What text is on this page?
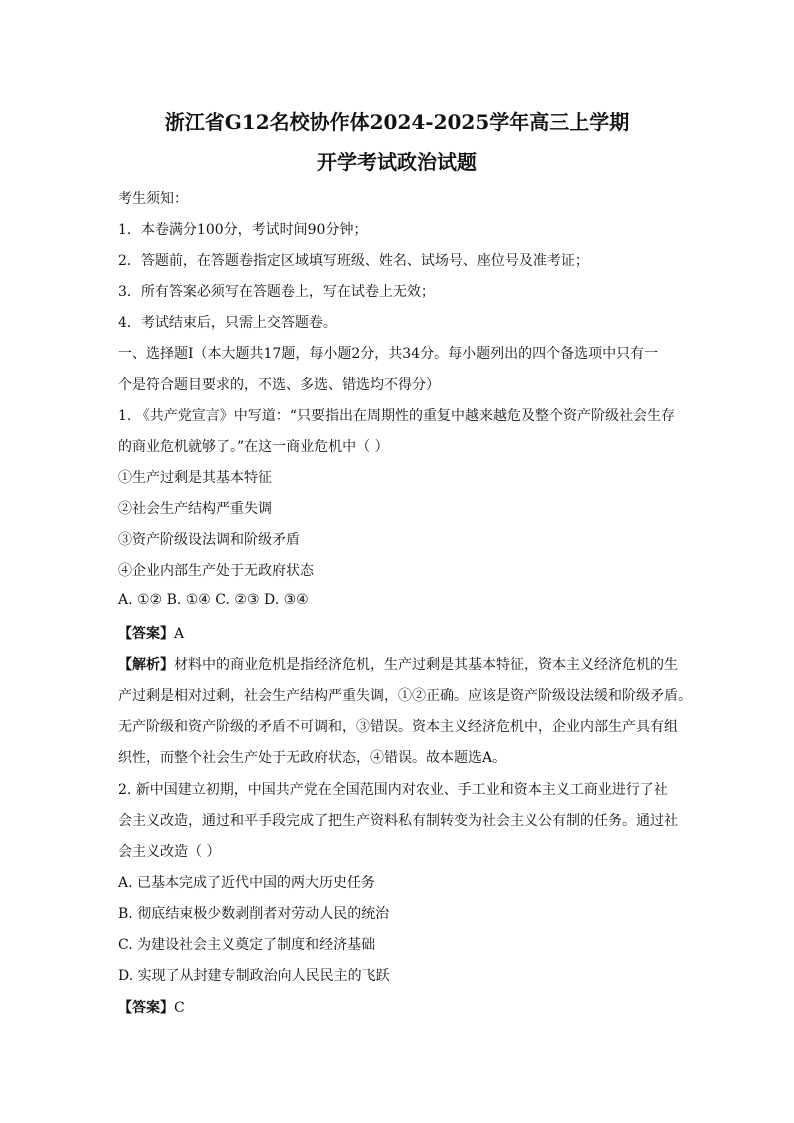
浙江省G12名校协作体2024-2025学年高三上学期
开学考试政治试题
考生须知：
1．本卷满分100分，考试时间90分钟；
2．答题前，在答题卷指定区域填写班级、姓名、试场号、座位号及准考证；
3．所有答案必须写在答题卷上，写在试卷上无效；
4．考试结束后，只需上交答题卷。
一、选择题Ⅰ（本大题共17题，每小题2分，共34分。每小题列出的四个备选项中只有一
个是符合题目要求的，不选、多选、错选均不得分）
1. 《共产党宣言》中写道：“只要指出在周期性的重复中越来越危及整个资产阶级社会生存
的商业危机就够了。”在这一商业危机中（ ）
①生产过剩是其基本特征
②社会生产结构严重失调
③资产阶级设法调和阶级矛盾
④企业内部生产处于无政府状态
A. ①② B. ①④ C. ②③ D. ③④
【答案】A
【解析】材料中的商业危机是指经济危机，生产过剩是其基本特征，资本主义经济危机的生
产过剩是相对过剩，社会生产结构严重失调，①②正确。应该是资产阶级设法缓和阶级矛盾。
无产阶级和资产阶级的矛盾不可调和，③错误。资本主义经济危机中，企业内部生产具有组
织性，而整个社会生产处于无政府状态，④错误。故本题选A。
2. 新中国建立初期，中国共产党在全国范围内对农业、手工业和资本主义工商业进行了社
会主义改造，通过和平手段完成了把生产资料私有制转变为社会主义公有制的任务。通过社
会主义改造（ ）
A. 已基本完成了近代中国的两大历史任务
B. 彻底结束极少数剥削者对劳动人民的统治
C. 为建设社会主义奠定了制度和经济基础
D. 实现了从封建专制政治向人民民主的飞跃
【答案】C
